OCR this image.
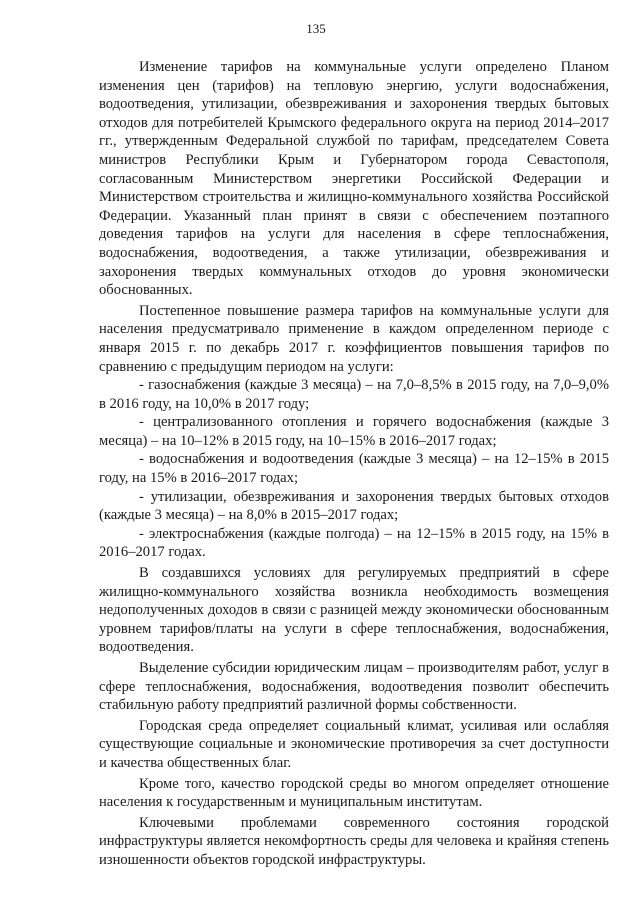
135

Изменение тарифов на коммунальные услуги определено Планом изменения цен (тарифов) на тепловую энергию, услуги водоснабжения, водоотведения, утилизации, обезвреживания и захоронения твердых бытовых отходов для потребителей Крымского федерального округа на период 2014–2017 гг., утвержденным Федеральной службой по тарифам, председателем Совета министров Республики Крым и Губернатором города Севастополя, согласованным Министерством энергетики Российской Федерации и Министерством строительства и жилищно-коммунального хозяйства Российской Федерации. Указанный план принят в связи с обеспечением поэтапного доведения тарифов на услуги для населения в сфере теплоснабжения, водоснабжения, водоотведения, а также утилизации, обезвреживания и захоронения твердых коммунальных отходов до уровня экономически обоснованных.

Постепенное повышение размера тарифов на коммунальные услуги для населения предусматривало применение в каждом определенном периоде с января 2015 г. по декабрь 2017 г. коэффициентов повышения тарифов по сравнению с предыдущим периодом на услуги:

- газоснабжения (каждые 3 месяца) – на 7,0–8,5% в 2015 году, на 7,0–9,0% в 2016 году, на 10,0% в 2017 году;

- централизованного отопления и горячего водоснабжения (каждые 3 месяца) – на 10–12% в 2015 году, на 10–15% в 2016–2017 годах;

- водоснабжения и водоотведения (каждые 3 месяца) – на 12–15% в 2015 году, на 15% в 2016–2017 годах;

- утилизации, обезвреживания и захоронения твердых бытовых отходов (каждые 3 месяца) – на 8,0% в 2015–2017 годах;

- электроснабжения (каждые полгода) – на 12–15% в 2015 году, на 15% в 2016–2017 годах.

В создавшихся условиях для регулируемых предприятий в сфере жилищно-коммунального хозяйства возникла необходимость возмещения недополученных доходов в связи с разницей между экономически обоснованным уровнем тарифов/платы на услуги в сфере теплоснабжения, водоснабжения, водоотведения.

Выделение субсидии юридическим лицам – производителям работ, услуг в сфере теплоснабжения, водоснабжения, водоотведения позволит обеспечить стабильную работу предприятий различной формы собственности.

Городская среда определяет социальный климат, усиливая или ослабляя существующие социальные и экономические противоречия за счет доступности и качества общественных благ.

Кроме того, качество городской среды во многом определяет отношение населения к государственным и муниципальным институтам.

Ключевыми проблемами современного состояния городской инфраструктуры является некомфортность среды для человека и крайняя степень изношенности объектов городской инфраструктуры.
